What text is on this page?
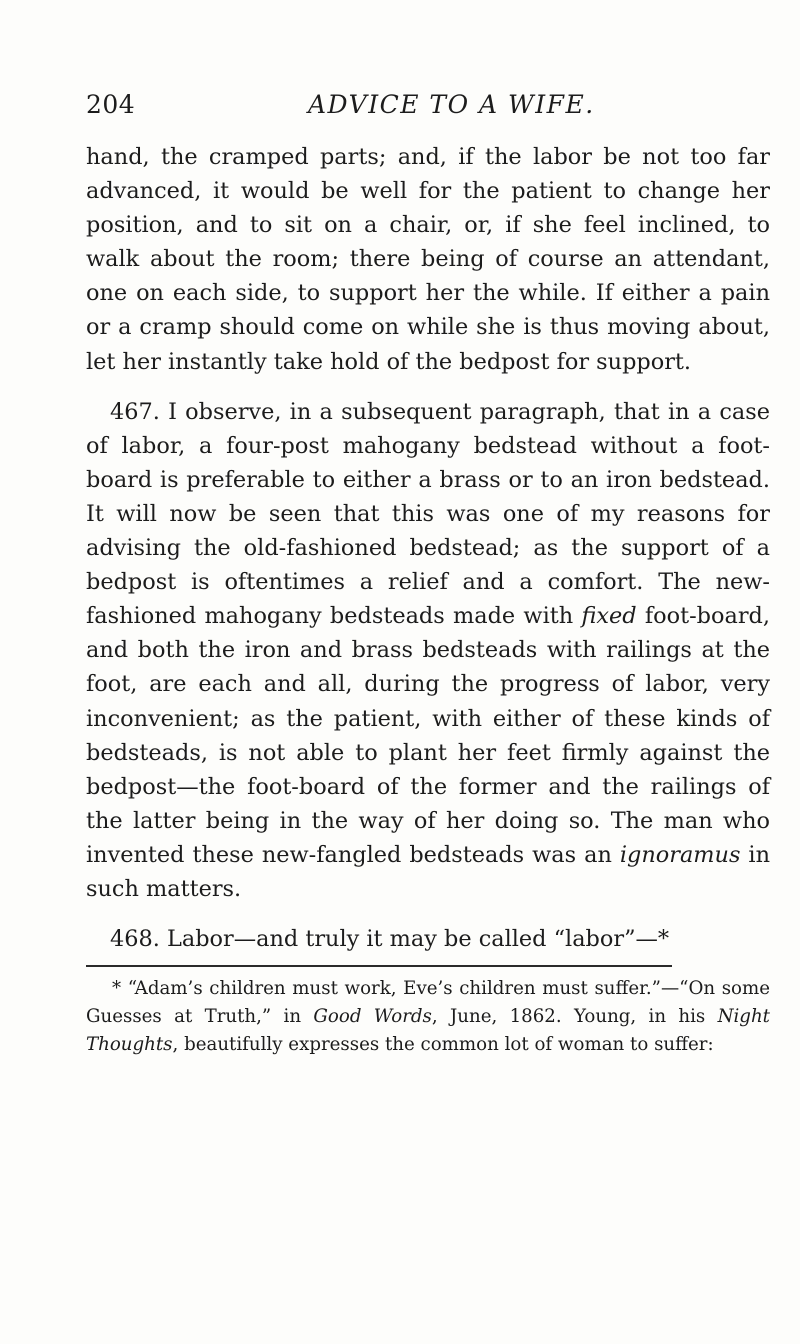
204	ADVICE TO A WIFE.

hand, the cramped parts; and, if the labor be not too far advanced, it would be well for the patient to change her position, and to sit on a chair, or, if she feel inclined, to walk about the room; there being of course an attendant, one on each side, to support her the while. If either a pain or a cramp should come on while she is thus moving about, let her instantly take hold of the bedpost for support.

467. I observe, in a subsequent paragraph, that in a case of labor, a four-post mahogany bedstead without a foot-board is preferable to either a brass or to an iron bedstead. It will now be seen that this was one of my reasons for advising the old-fashioned bedstead; as the support of a bedpost is oftentimes a relief and a comfort. The new-fashioned mahogany bedsteads made with fixed foot-board, and both the iron and brass bedsteads with railings at the foot, are each and all, during the progress of labor, very inconvenient; as the patient, with either of these kinds of bedsteads, is not able to plant her feet firmly against the bedpost—the foot-board of the former and the railings of the latter being in the way of her doing so. The man who invented these new-fangled bedsteads was an ignoramus in such matters.

468. Labor—and truly it may be called “labor”—*

* “Adam’s children must work, Eve’s children must suffer.”—“On some Guesses at Truth,” in Good Words, June, 1862. Young, in his Night Thoughts, beautifully expresses the common lot of woman to suffer:
